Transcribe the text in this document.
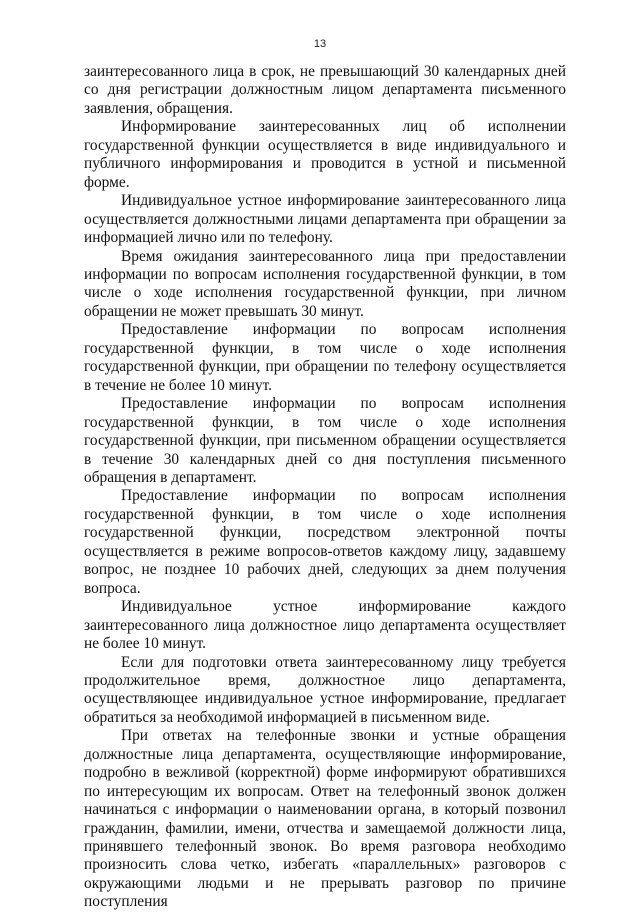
13

заинтересованного лица в срок, не превышающий 30 календарных дней со дня регистрации должностным лицом департамента письменного заявления, обращения.

Информирование заинтересованных лиц об исполнении государственной функции осуществляется в виде индивидуального и публичного информирования и проводится в устной и письменной форме.

Индивидуальное устное информирование заинтересованного лица осуществляется должностными лицами департамента при обращении за информацией лично или по телефону.

Время ожидания заинтересованного лица при предоставлении информации по вопросам исполнения государственной функции, в том числе о ходе исполнения государственной функции, при личном обращении не может превышать 30 минут.

Предоставление информации по вопросам исполнения государственной функции, в том числе о ходе исполнения государственной функции, при обращении по телефону осуществляется в течение не более 10 минут.

Предоставление информации по вопросам исполнения государственной функции, в том числе о ходе исполнения государственной функции, при письменном обращении осуществляется в течение 30 календарных дней со дня поступления письменного обращения в департамент.

Предоставление информации по вопросам исполнения государственной функции, в том числе о ходе исполнения государственной функции, посредством электронной почты осуществляется в режиме вопросов-ответов каждому лицу, задавшему вопрос, не позднее 10 рабочих дней, следующих за днем получения вопроса.

Индивидуальное устное информирование каждого заинтересованного лица должностное лицо департамента осуществляет не более 10 минут.

Если для подготовки ответа заинтересованному лицу требуется продолжительное время, должностное лицо департамента, осуществляющее индивидуальное устное информирование, предлагает обратиться за необходимой информацией в письменном виде.

При ответах на телефонные звонки и устные обращения должностные лица департамента, осуществляющие информирование, подробно в вежливой (корректной) форме информируют обратившихся по интересующим их вопросам. Ответ на телефонный звонок должен начинаться с информации о наименовании органа, в который позвонил гражданин, фамилии, имени, отчества и замещаемой должности лица, принявшего телефонный звонок. Во время разговора необходимо произносить слова четко, избегать «параллельных» разговоров с окружающими людьми и не прерывать разговор по причине поступления
